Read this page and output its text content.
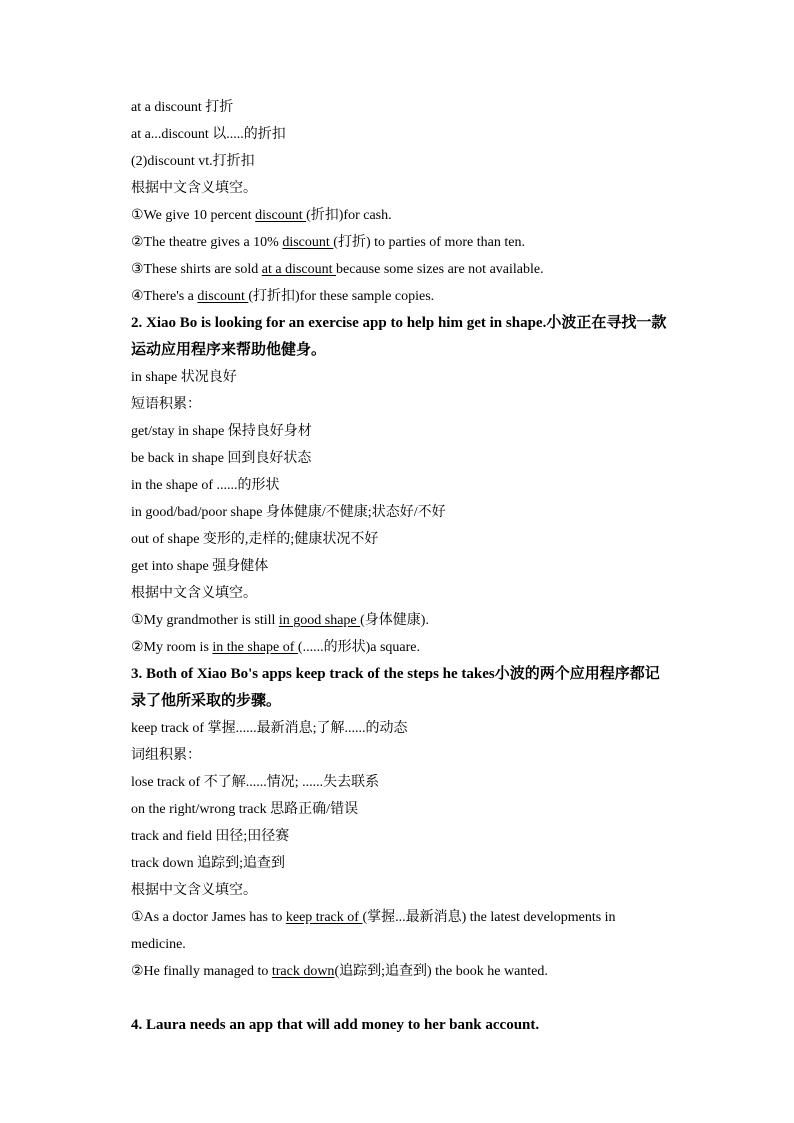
at a discount 打折
at a...discount 以.....的折扣
(2)discount vt.打折扣
根据中文含义填空。
①We give 10 percent discount (折扣)for cash.
②The theatre gives a 10% discount (打折) to parties of more than ten.
③These shirts are sold at a discount because some sizes are not available.
④There's a discount (打折扣)for these sample copies.
2. Xiao Bo is looking for an exercise app to help him get in shape.小波正在寻找一款运动应用程序来帮助他健身。
in shape 状况良好
短语积累：
get/stay in shape 保持良好身材
be back in shape 回到良好状态
in the shape of ......的形状
in good/bad/poor shape 身体健康/不健康;状态好/不好
out of shape 变形的,走样的;健康状况不好
get into shape 强身健体
根据中文含义填空。
①My grandmother is still in good shape (身体健康).
②My room is in the shape of (......的形状)a square.
3. Both of Xiao Bo's apps keep track of the steps he takes小波的两个应用程序都记录了他所采取的步骤。
keep track of 掌握......最新消息;了解......的动态
词组积累：
lose track of 不了解......情况; ......失去联系
on the right/wrong track 思路正确/错误
track and field 田径;田径赛
track down 追踪到;追查到
根据中文含义填空。
①As a doctor James has to keep track of (掌握...最新消息) the latest developments in medicine.
②He finally managed to track down(追踪到;追查到) the book he wanted.
4. Laura needs an app that will add money to her bank account.
